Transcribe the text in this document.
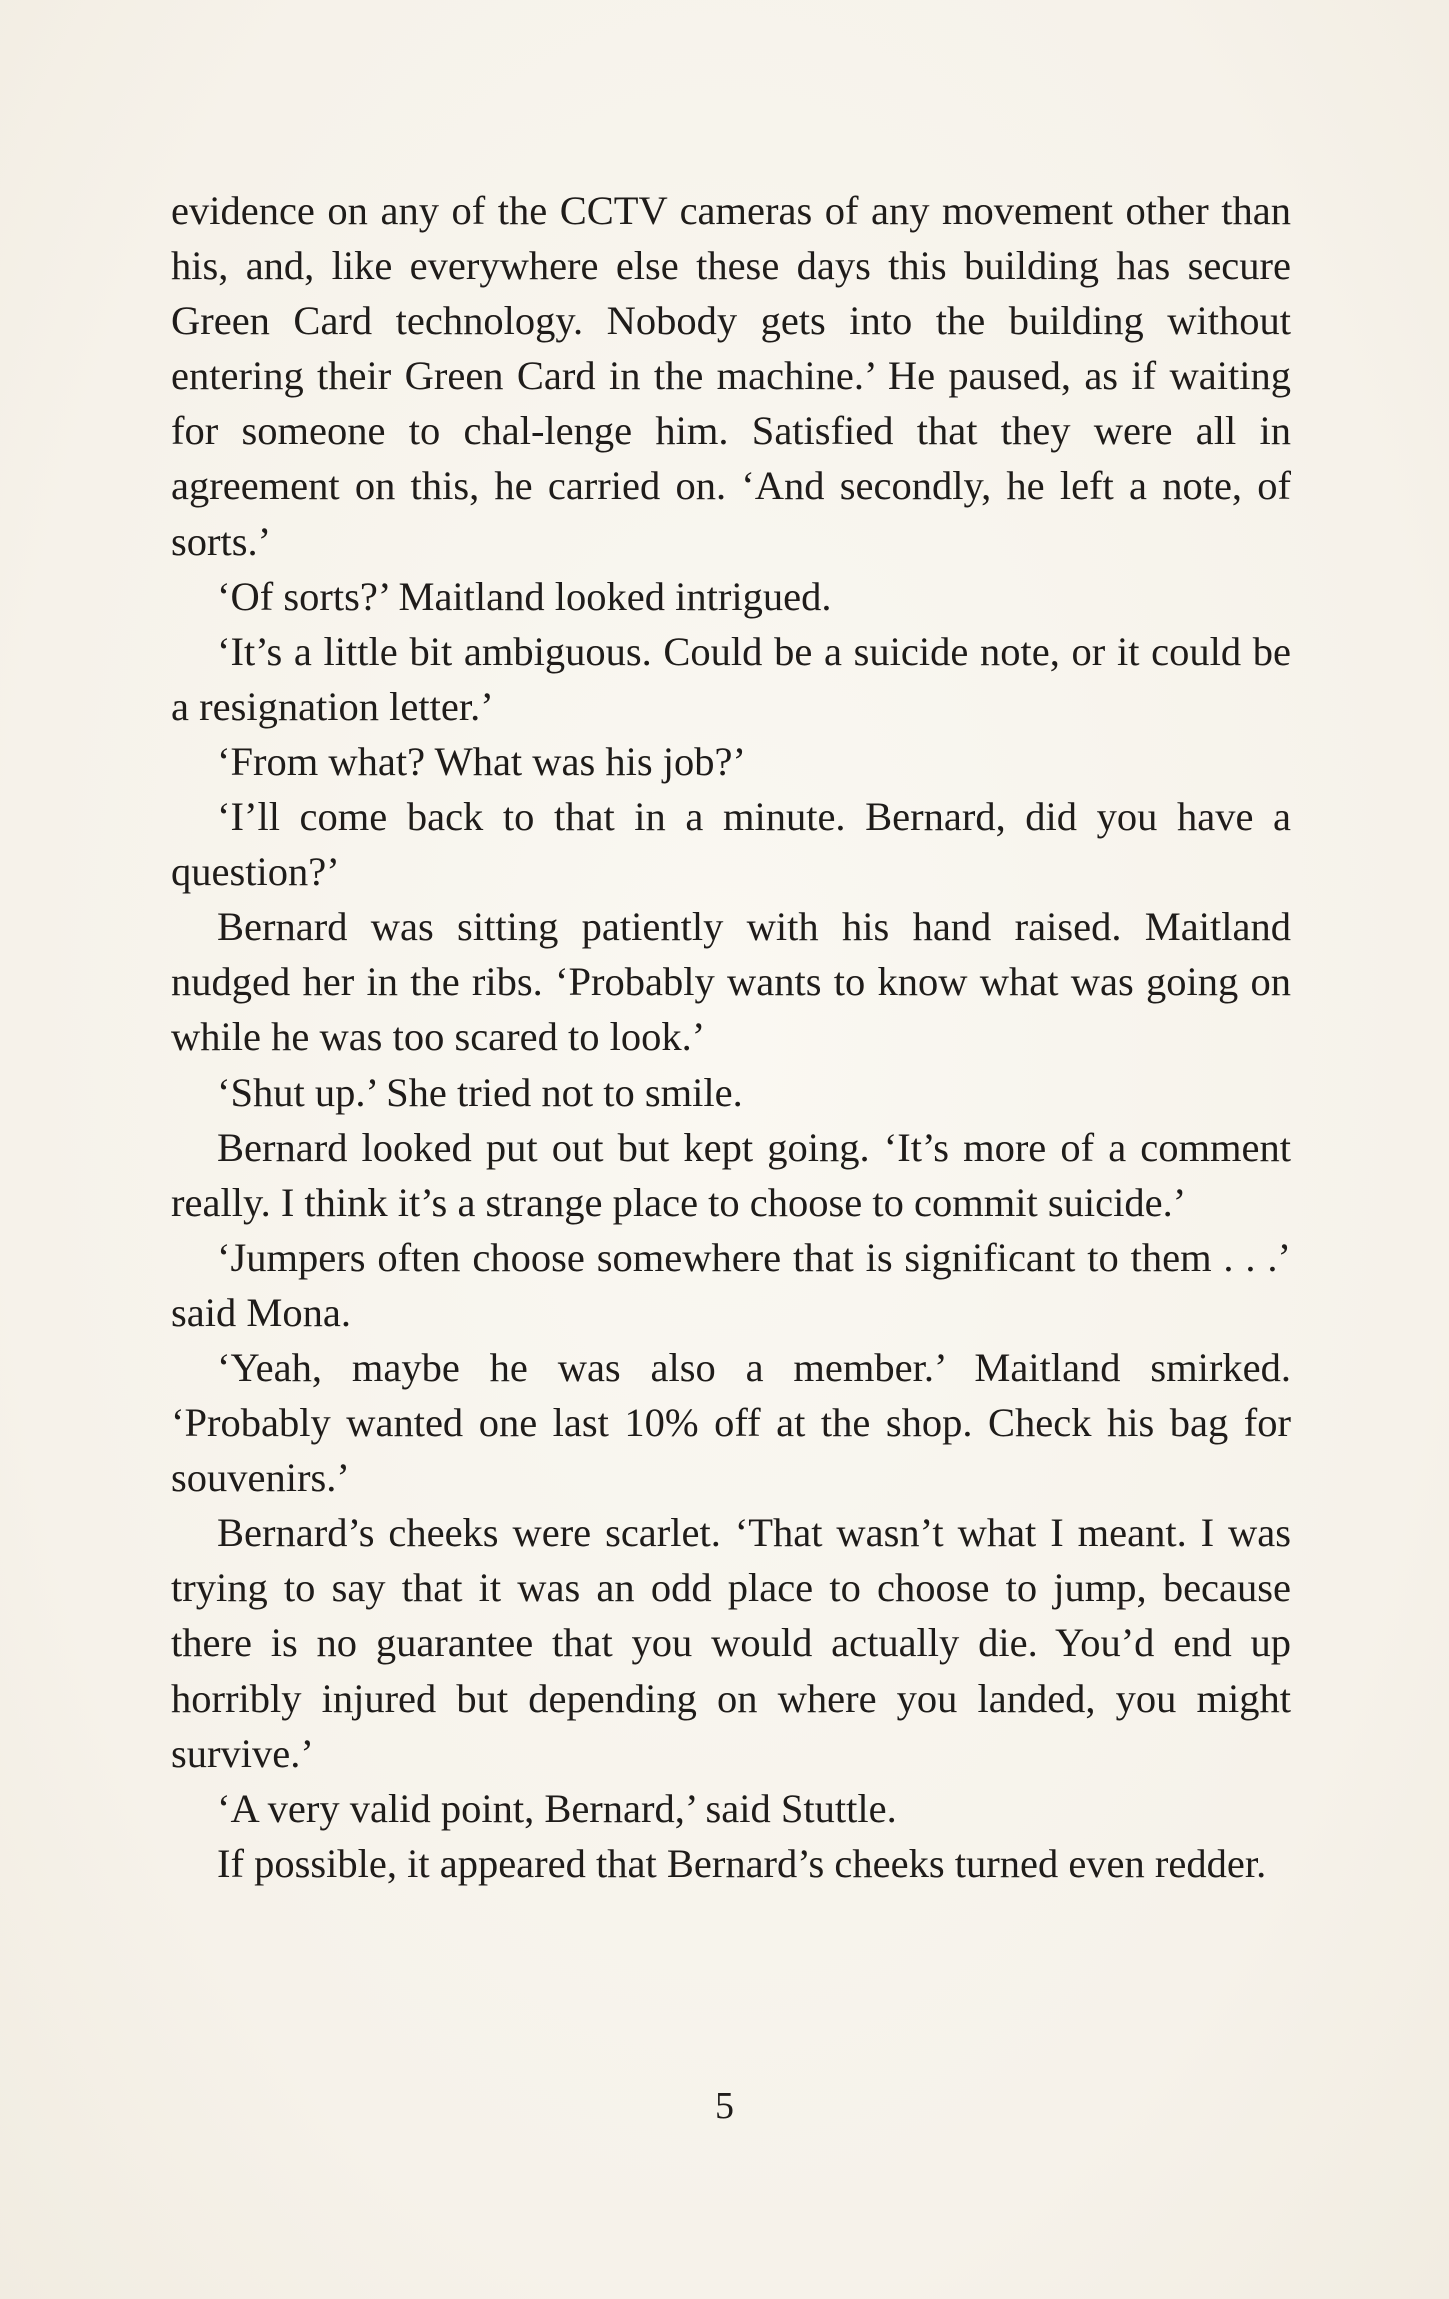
evidence on any of the CCTV cameras of any movement other than his, and, like everywhere else these days this building has secure Green Card technology. Nobody gets into the building without entering their Green Card in the machine.’ He paused, as if waiting for someone to chal-lenge him. Satisfied that they were all in agreement on this, he carried on. ‘And secondly, he left a note, of sorts.’

‘Of sorts?’ Maitland looked intrigued.

‘It’s a little bit ambiguous. Could be a suicide note, or it could be a resignation letter.’

‘From what? What was his job?’

‘I’ll come back to that in a minute. Bernard, did you have a question?’

Bernard was sitting patiently with his hand raised. Maitland nudged her in the ribs. ‘Probably wants to know what was going on while he was too scared to look.’

‘Shut up.’ She tried not to smile.

Bernard looked put out but kept going. ‘It’s more of a comment really. I think it’s a strange place to choose to commit suicide.’

‘Jumpers often choose somewhere that is significant to them . . .’ said Mona.

‘Yeah, maybe he was also a member.’ Maitland smirked. ‘Probably wanted one last 10% off at the shop. Check his bag for souvenirs.’

Bernard’s cheeks were scarlet. ‘That wasn’t what I meant. I was trying to say that it was an odd place to choose to jump, because there is no guarantee that you would actually die. You’d end up horribly injured but depending on where you landed, you might survive.’

‘A very valid point, Bernard,’ said Stuttle.

If possible, it appeared that Bernard’s cheeks turned even redder.

5
